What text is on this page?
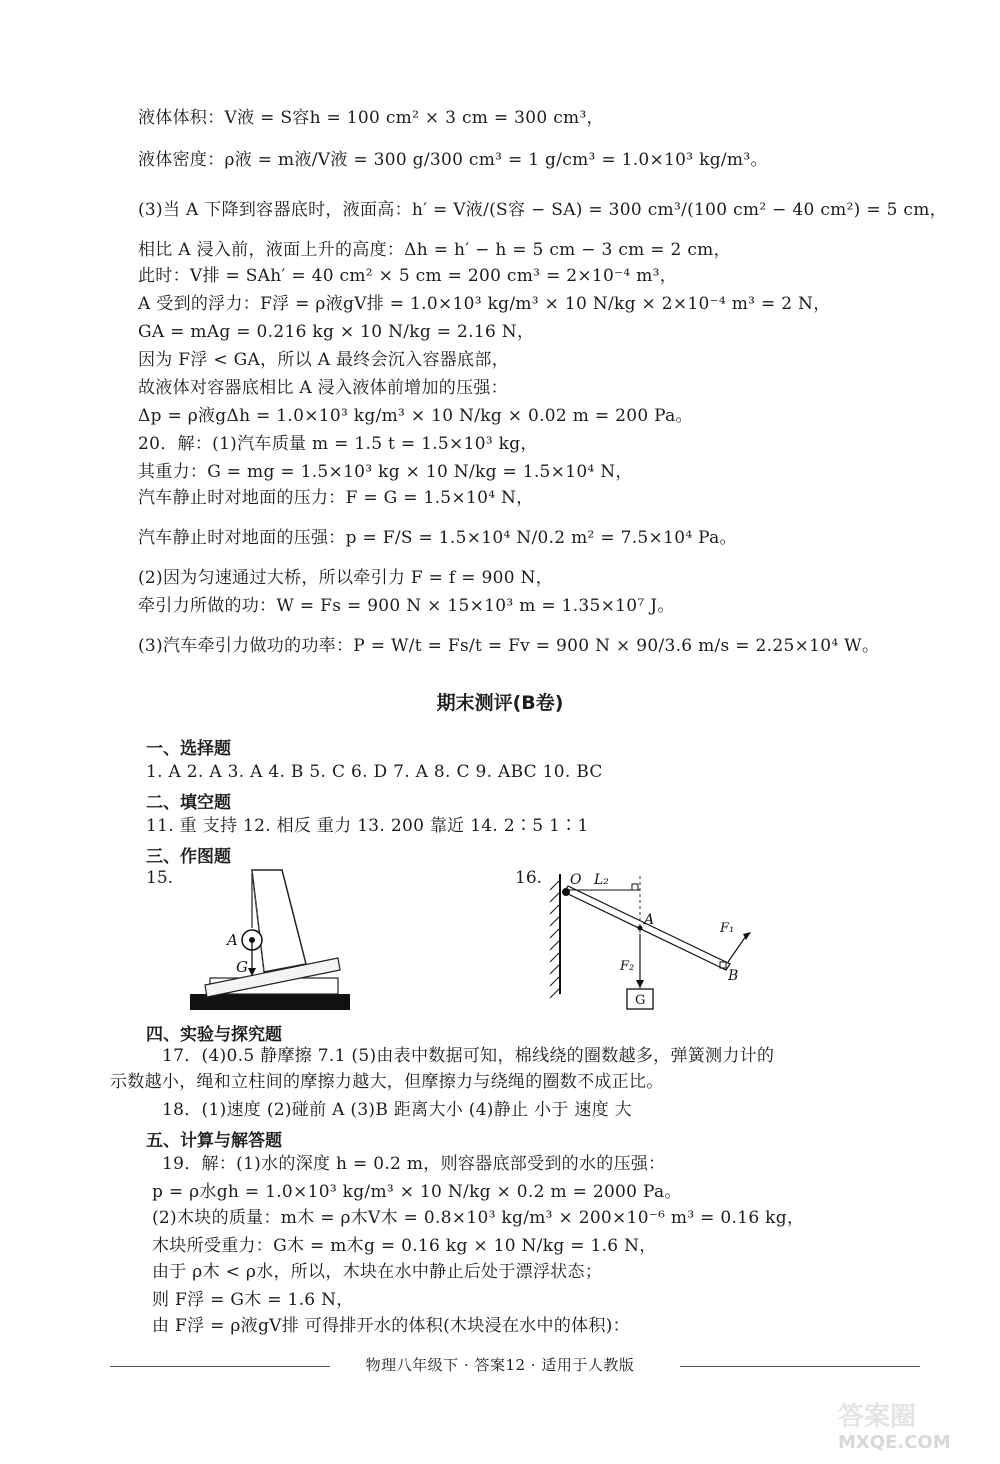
液体体积：V液 = S容h = 100 cm² × 3 cm = 300 cm³，
液体密度：ρ液 = m液/V液 = 300 g/300 cm³ = 1 g/cm³ = 1.0×10³ kg/m³。
(3)当 A 下降到容器底时，液面高：h′ = V液/(S容 − SA) = 300 cm³/(100 cm² − 40 cm²) = 5 cm，
相比 A 浸入前，液面上升的高度：Δh = h′ − h = 5 cm − 3 cm = 2 cm，
此时：V排 = SAh′ = 40 cm² × 5 cm = 200 cm³ = 2×10⁻⁴ m³，
A 受到的浮力：F浮 = ρ液gV排 = 1.0×10³ kg/m³ × 10 N/kg × 2×10⁻⁴ m³ = 2 N，
GA = mAg = 0.216 kg × 10 N/kg = 2.16 N，
因为 F浮 < GA，所以 A 最终会沉入容器底部，
故液体对容器底相比 A 浸入液体前增加的压强：
Δp = ρ液gΔh = 1.0×10³ kg/m³ × 10 N/kg × 0.02 m = 200 Pa。
20．解：(1)汽车质量 m = 1.5 t = 1.5×10³ kg，
其重力：G = mg = 1.5×10³ kg × 10 N/kg = 1.5×10⁴ N，
汽车静止时对地面的压力：F = G = 1.5×10⁴ N，
汽车静止时对地面的压强：p = F/S = 1.5×10⁴ N/0.2 m² = 7.5×10⁴ Pa。
(2)因为匀速通过大桥，所以牵引力 F = f = 900 N，
牵引力所做的功：W = Fs = 900 N × 15×10³ m = 1.35×10⁷ J。
(3)汽车牵引力做功的功率：P = W/t = Fs/t = Fv = 900 N × 90/3.6 m/s = 2.25×10⁴ W。
期末测评(B卷)
一、选择题
1. A 2. A 3. A 4. B 5. C 6. D 7. A 8. C 9. ABC 10. BC
二、填空题
11. 重 支持 12. 相反 重力 13. 200 靠近 14. 2∶5 1∶1
三、作图题
15.
A
G
16. O L₂
A
F₁
F₂
B
G
四、实验与探究题
17．(4)0.5 静摩擦 7.1 (5)由表中数据可知，棉线绕的圈数越多，弹簧测力计的
示数越小，绳和立柱间的摩擦力越大，但摩擦力与绕绳的圈数不成正比。
18．(1)速度 (2)碰前 A (3)B 距离大小 (4)静止 小于 速度 大
五、计算与解答题
19．解：(1)水的深度 h = 0.2 m，则容器底部受到的水的压强：
p = ρ水gh = 1.0×10³ kg/m³ × 10 N/kg × 0.2 m = 2000 Pa。
(2)木块的质量：m木 = ρ木V木 = 0.8×10³ kg/m³ × 200×10⁻⁶ m³ = 0.16 kg，
木块所受重力：G木 = m木g = 0.16 kg × 10 N/kg = 1.6 N，
由于 ρ木 < ρ水，所以，木块在水中静止后处于漂浮状态；
则 F浮 = G木 = 1.6 N，
由 F浮 = ρ液gV排 可得排开水的体积(木块浸在水中的体积)：
物理八年级下 · 答案12 · 适用于人教版
答案圈
MXQE.COM
